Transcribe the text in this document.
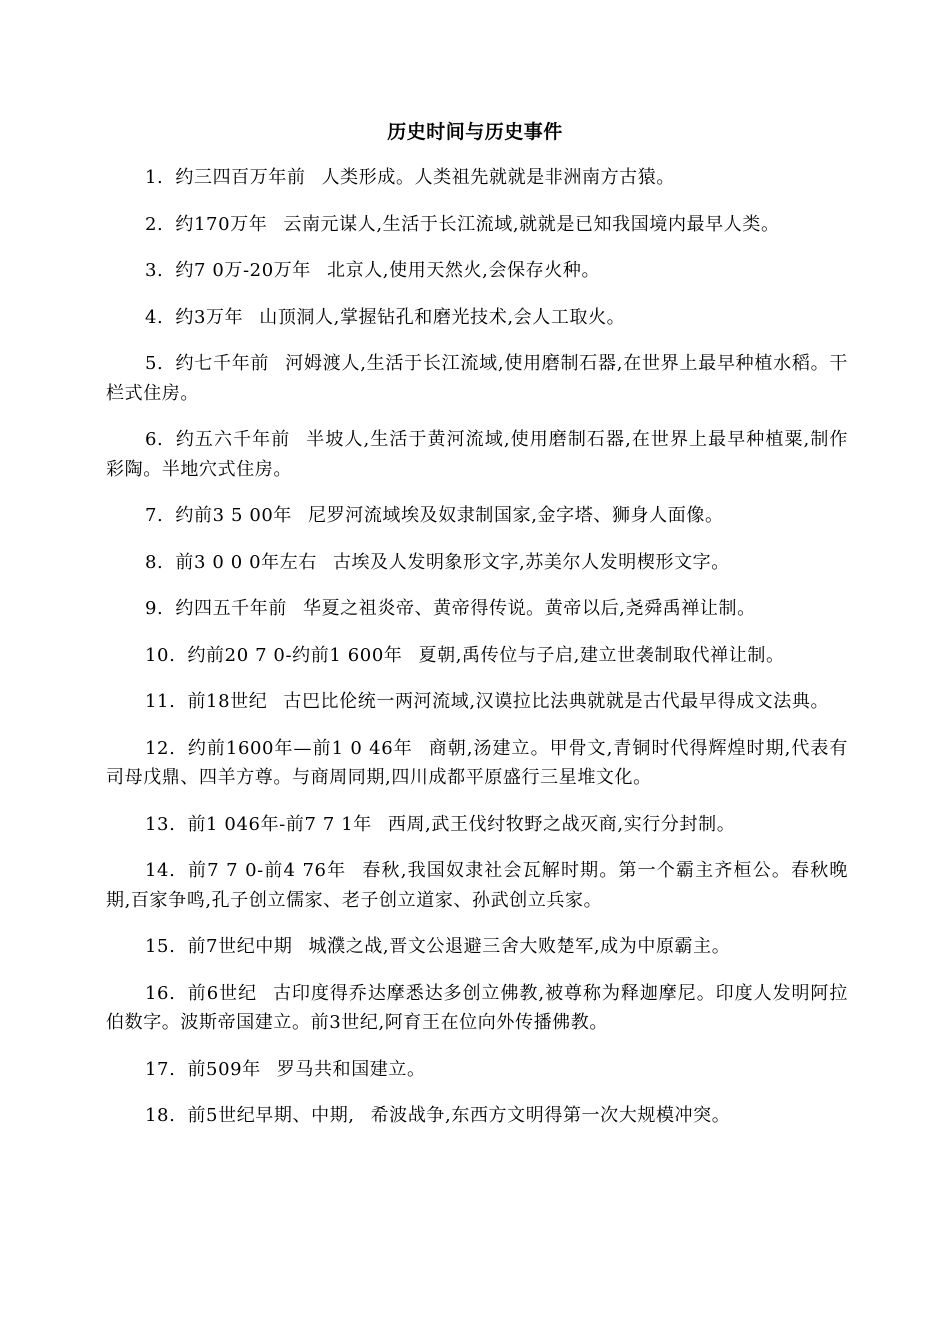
历史时间与历史事件

1. 约三四百万年前 人类形成。人类祖先就就是非洲南方古猿。

2. 约170万年 云南元谋人,生活于长江流域,就就是已知我国境内最早人类。

3. 约7 0万-20万年 北京人,使用天然火,会保存火种。

4. 约3万年 山顶洞人,掌握钻孔和磨光技术,会人工取火。

5. 约七千年前 河姆渡人,生活于长江流域,使用磨制石器,在世界上最早种植水稻。干栏式住房。

6. 约五六千年前 半坡人,生活于黄河流域,使用磨制石器,在世界上最早种植粟,制作彩陶。半地穴式住房。

7. 约前3 5 00年 尼罗河流域埃及奴隶制国家,金字塔、狮身人面像。

8. 前3 0 0 0年左右 古埃及人发明象形文字,苏美尔人发明楔形文字。

9. 约四五千年前 华夏之祖炎帝、黄帝得传说。黄帝以后,尧舜禹禅让制。

10. 约前20 7 0-约前1 600年 夏朝,禹传位与子启,建立世袭制取代禅让制。

11. 前18世纪 古巴比伦统一两河流域,汉谟拉比法典就就是古代最早得成文法典。

12. 约前1600年—前1 0 46年 商朝,汤建立。甲骨文,青铜时代得辉煌时期,代表有司母戊鼎、四羊方尊。与商周同期,四川成都平原盛行三星堆文化。

13. 前1 046年-前7 7 1年 西周,武王伐纣牧野之战灭商,实行分封制。

14. 前7 7 0-前4 76年 春秋,我国奴隶社会瓦解时期。第一个霸主齐桓公。春秋晚期,百家争鸣,孔子创立儒家、老子创立道家、孙武创立兵家。

15. 前7世纪中期 城濮之战,晋文公退避三舍大败楚军,成为中原霸主。

16. 前6世纪 古印度得乔达摩悉达多创立佛教,被尊称为释迦摩尼。印度人发明阿拉伯数字。波斯帝国建立。前3世纪,阿育王在位向外传播佛教。

17. 前509年 罗马共和国建立。

18. 前5世纪早期、中期, 希波战争,东西方文明得第一次大规模冲突。
